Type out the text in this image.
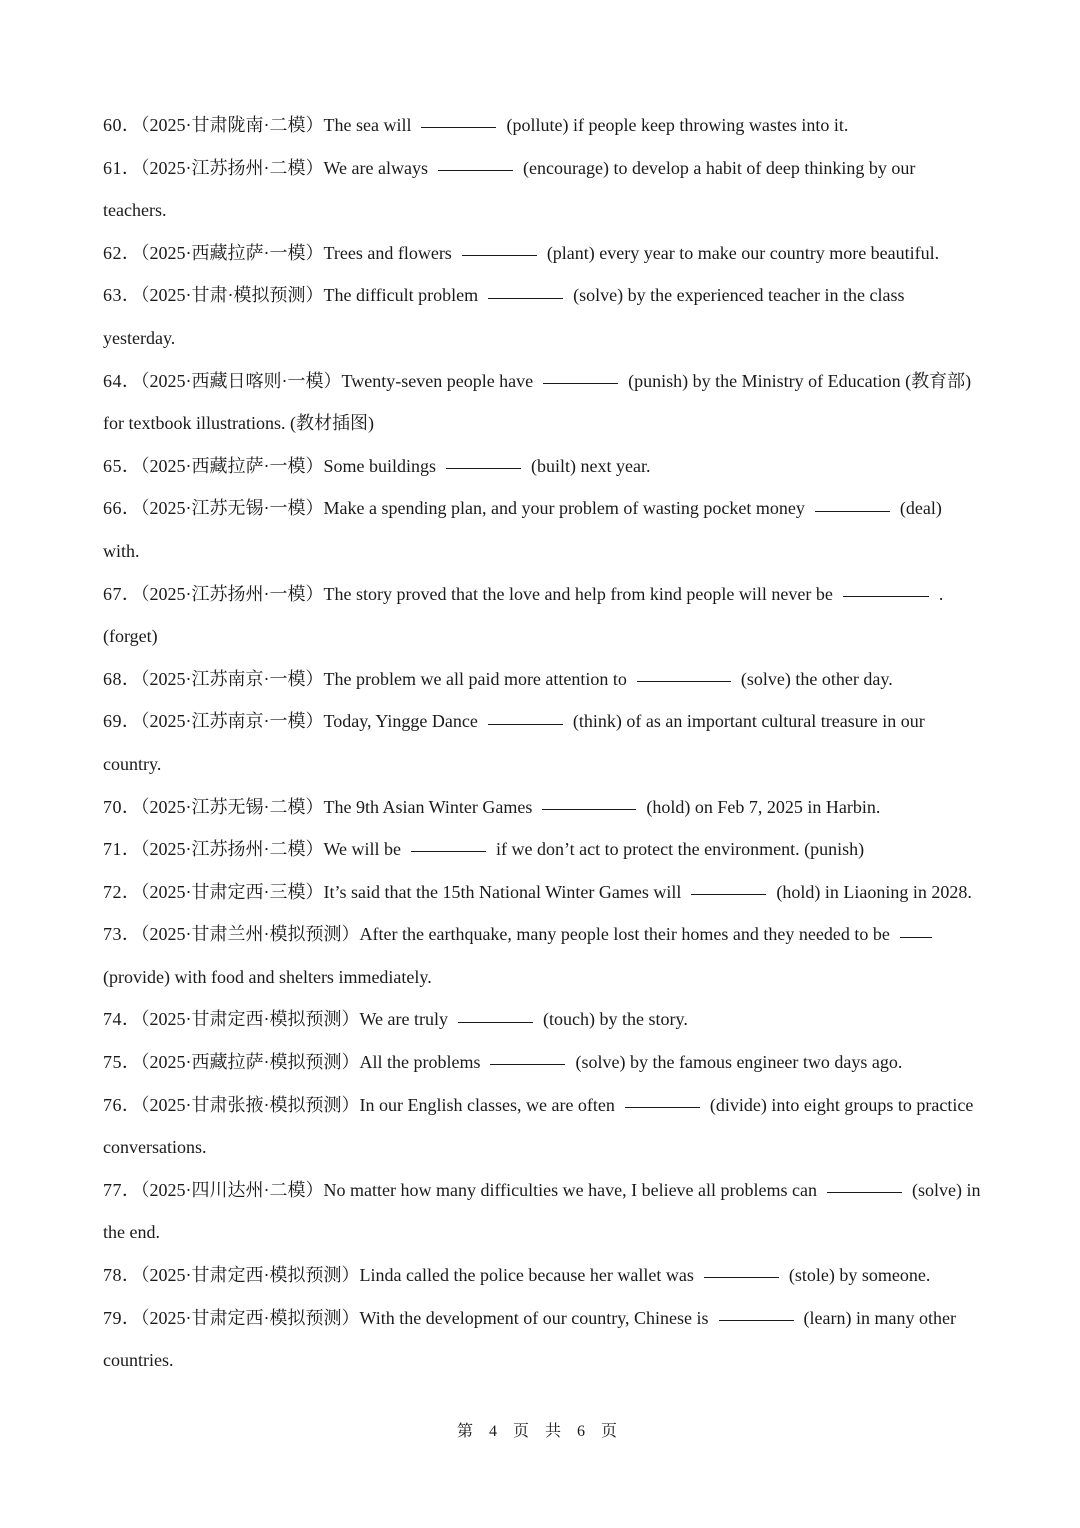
60．（2025·甘肃陇南·二模）The sea will	(pollute) if people keep throwing wastes into it.

61．（2025·江苏扬州·二模）We are always	(encourage) to develop a habit of deep thinking by our teachers.

62．（2025·西藏拉萨·一模）Trees and flowers	(plant) every year to make our country more beautiful.

63．（2025·甘肃·模拟预测）The difficult problem	(solve) by the experienced teacher in the class yesterday.

64．（2025·西藏日喀则·一模）Twenty-seven people have	(punish) by the Ministry of Education (教育部) for textbook illustrations. (教材插图)

65．（2025·西藏拉萨·一模）Some buildings	(built) next year.

66．（2025·江苏无锡·一模）Make a spending plan, and your problem of wasting pocket money	(deal) with.

67．（2025·江苏扬州·一模）The story proved that the love and help from kind people will never be	. (forget)

68．（2025·江苏南京·一模）The problem we all paid more attention to	(solve) the other day.

69．（2025·江苏南京·一模）Today, Yingge Dance	(think) of as an important cultural treasure in our country.

70．（2025·江苏无锡·二模）The 9th Asian Winter Games	(hold) on Feb 7, 2025 in Harbin.

71．（2025·江苏扬州·二模）We will be	if we don’t act to protect the environment. (punish)

72．（2025·甘肃定西·三模）It’s said that the 15th National Winter Games will	(hold) in Liaoning in 2028.

73．（2025·甘肃兰州·模拟预测）After the earthquake, many people lost their homes and they needed to be(provide) with food and shelters immediately.

74．（2025·甘肃定西·模拟预测）We are truly	(touch) by the story.

75．（2025·西藏拉萨·模拟预测）All the problems	(solve) by the famous engineer two days ago.

76．（2025·甘肃张掖·模拟预测）In our English classes, we are often	(divide) into eight groups to practice conversations.

77．（2025·四川达州·二模）No matter how many difficulties we have, I believe all problems can	(solve) in the end.

78．（2025·甘肃定西·模拟预测）Linda called the police because her wallet was	(stole) by someone.

79．（2025·甘肃定西·模拟预测）With the development of our country, Chinese is	(learn) in many other countries.

第 4 页 共 6 页
